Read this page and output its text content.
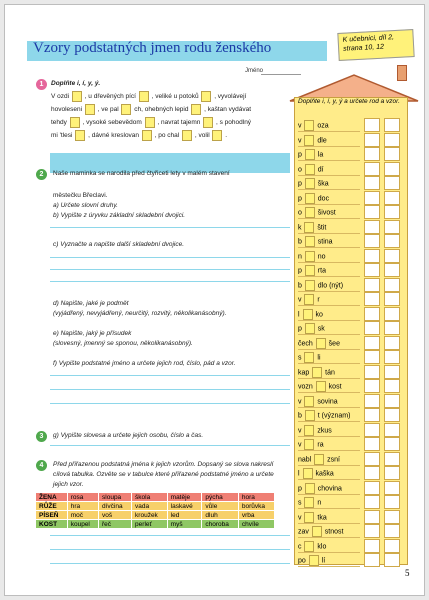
Vzory podstatných jmen rodu ženského
K učebnici, díl 2, strana 10, 12
Jméno
Doplňte i, í, y, ý a určete rod a vzor.
v  oza
v  dle
p  la
o  dí
p  ška
p  doc
o  šivost
k  štit
b  stina
n  no
p  rta
b  dlo (nýt)
v  r
l  ko
p  sk
čech  šee
s  li
kap  tán
vozn  kost
v  sovina
b  t (význam)
v  zkus
v  ra
nabl  zsní
l  kaška
p  chovina
s  n
v  tka
zav  stnost
c  klo
po  lí
1	Doplňte i, í, y, ý.
V ozdi  , u dřevěných pící  , veliké u potoků  , vyvolávejí
hovoleseni  , ve pal  ch, ohebných lepid  , kaštan vydávat
tehdy  , vysoké sebevědom  , navrat tajemn  , s pohodlný
mi 'tlesi  , dávné kreslovan  , po chal  , volil  .
2	Naše maminka se narodila před čtyřiceti lety v malém stavení
městečku Břeclavi.
a) Určete slovní druhy.
b) Vypište z úryvku základní skladební dvojici.
c) Vyznačte a napište další skladební dvojice.
d) Napište, jaké je podmět
(vyjádřený, nevyjádřený, neurčitý, rozvitý, několikanásobný).
e) Napište, jaký je přísudek
(slovesný, jmenný se sponou, několikanásobný).
f) Vypište podstatné jméno a určete jejich rod, číslo, pád a vzor.
3	g) Vypište slovesa a určete jejich osobu, číslo a čas.
4	Před přiřazenou podstatná jména k jejich vzorům. Dopsaný se slova nakreslí cílová tabulka. Ozvěte se v tabulce které přiřazené podstatné jméno a určete jejich vzor.
ŽENA	rosa	sloupa	škola	matěje	pýcha	hora
RŮŽE	hra	dívčina	vada	laskavé	vůle	borůvka
PÍSEŇ	moč	voš	kroužek	led	dluh	vrba
KOST	koupel	řeč	perleť	myš	choroba	chvíle
5
